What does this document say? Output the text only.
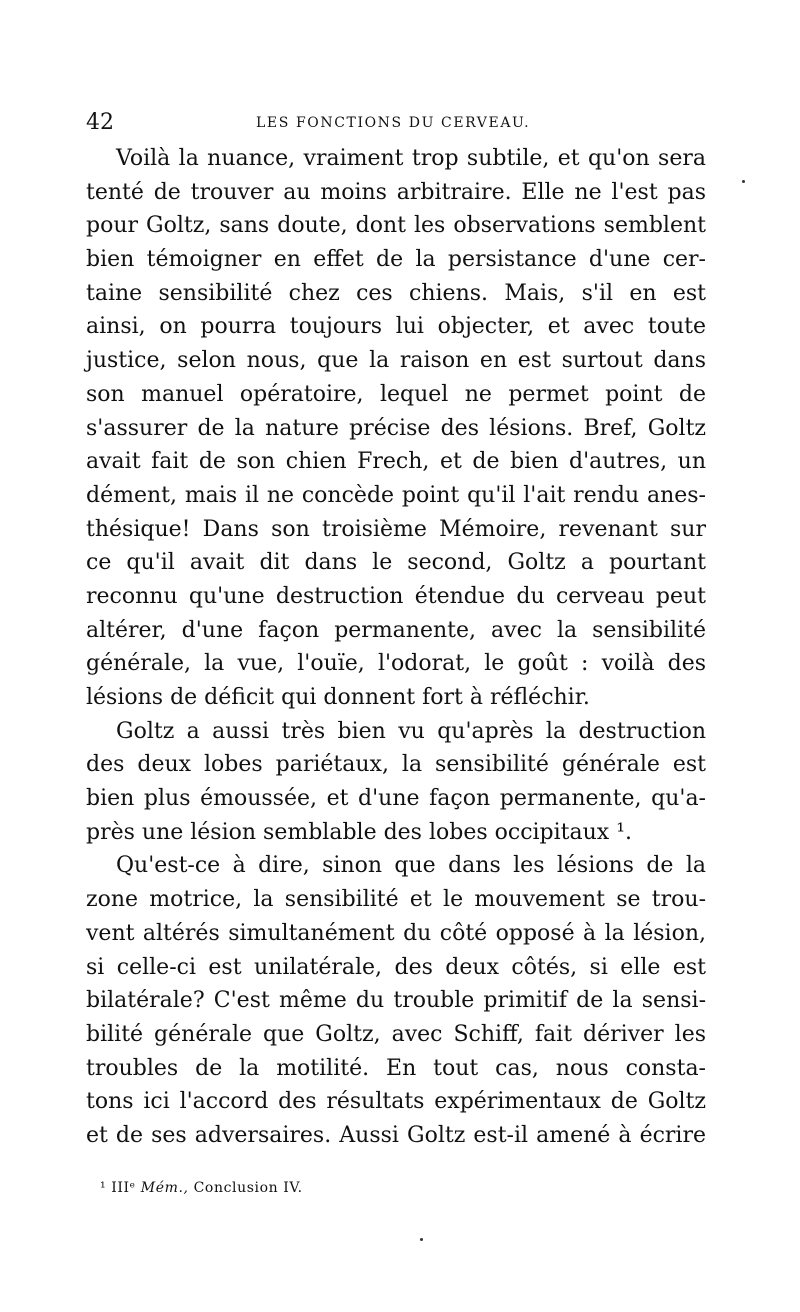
42	LES FONCTIONS DU CERVEAU.
Voilà la nuance, vraiment trop subtile, et qu'on sera
tenté de trouver au moins arbitraire. Elle ne l'est pas
pour Goltz, sans doute, dont les observations semblent
bien témoigner en effet de la persistance d'une cer-
taine sensibilité chez ces chiens. Mais, s'il en est
ainsi, on pourra toujours lui objecter, et avec toute
justice, selon nous, que la raison en est surtout dans
son manuel opératoire, lequel ne permet point de
s'assurer de la nature précise des lésions. Bref, Goltz
avait fait de son chien Frech, et de bien d'autres, un
dément, mais il ne concède point qu'il l'ait rendu anes-
thésique! Dans son troisième Mémoire, revenant sur
ce qu'il avait dit dans le second, Goltz a pourtant
reconnu qu'une destruction étendue du cerveau peut
altérer, d'une façon permanente, avec la sensibilité
générale, la vue, l'ouïe, l'odorat, le goût : voilà des
lésions de déficit qui donnent fort à réfléchir.
Goltz a aussi très bien vu qu'après la destruction
des deux lobes pariétaux, la sensibilité générale est
bien plus émoussée, et d'une façon permanente, qu'a-
près une lésion semblable des lobes occipitaux ¹.
Qu'est-ce à dire, sinon que dans les lésions de la
zone motrice, la sensibilité et le mouvement se trou-
vent altérés simultanément du côté opposé à la lésion,
si celle-ci est unilatérale, des deux côtés, si elle est
bilatérale? C'est même du trouble primitif de la sensi-
bilité générale que Goltz, avec Schiff, fait dériver les
troubles de la motilité. En tout cas, nous consta-
tons ici l'accord des résultats expérimentaux de Goltz
et de ses adversaires. Aussi Goltz est-il amené à écrire
¹ IIIᵉ Mém., Conclusion IV.
